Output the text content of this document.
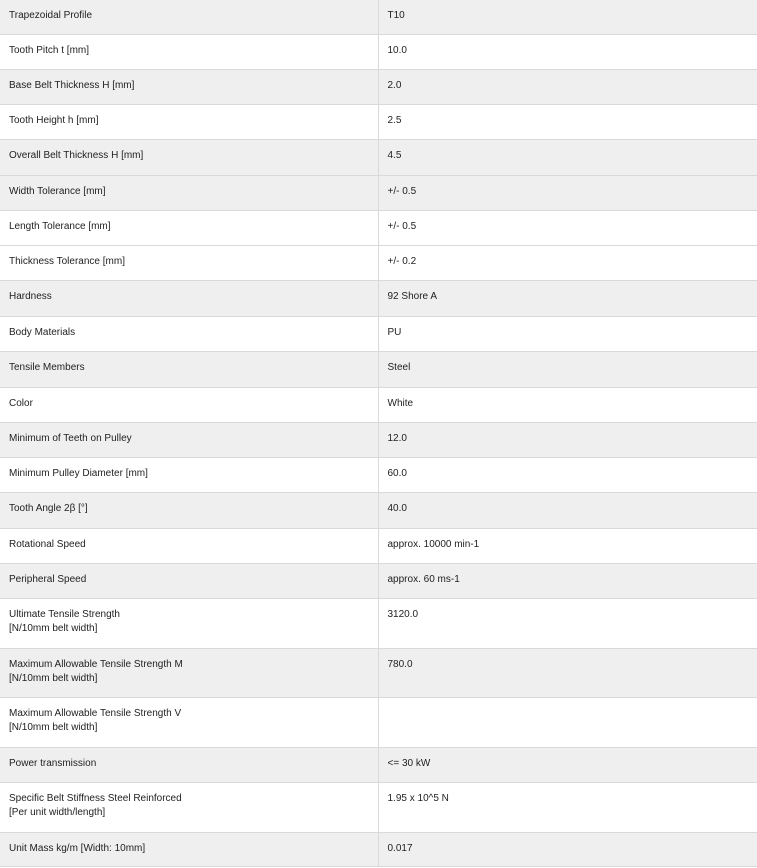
Trapezoidal Profile	T10

Tooth Pitch t [mm]	10.0

Base Belt Thickness H [mm]	2.0

Tooth Height h [mm]	2.5

Overall Belt Thickness H [mm]	4.5

Width Tolerance [mm]	+/- 0.5

Length Tolerance [mm]	+/- 0.5

Thickness Tolerance [mm]	+/- 0.2

Hardness	92 Shore A

Body Materials	PU

Tensile Members	Steel

Color	White

Minimum of Teeth on Pulley	12.0

Minimum Pulley Diameter [mm]	60.0

Tooth Angle 2β [°]	40.0

Rotational Speed	approx. 10000 min-1

Peripheral Speed	approx. 60 ms-1

Ultimate Tensile Strength
[N/10mm belt width]	3120.0

Maximum Allowable Tensile Strength M
[N/10mm belt width]	780.0

Maximum Allowable Tensile Strength V
[N/10mm belt width]	

Power transmission	<= 30 kW

Specific Belt Stiffness Steel Reinforced
[Per unit width/length]	1.95 x 10^5 N

Unit Mass kg/m [Width: 10mm]	0.017
